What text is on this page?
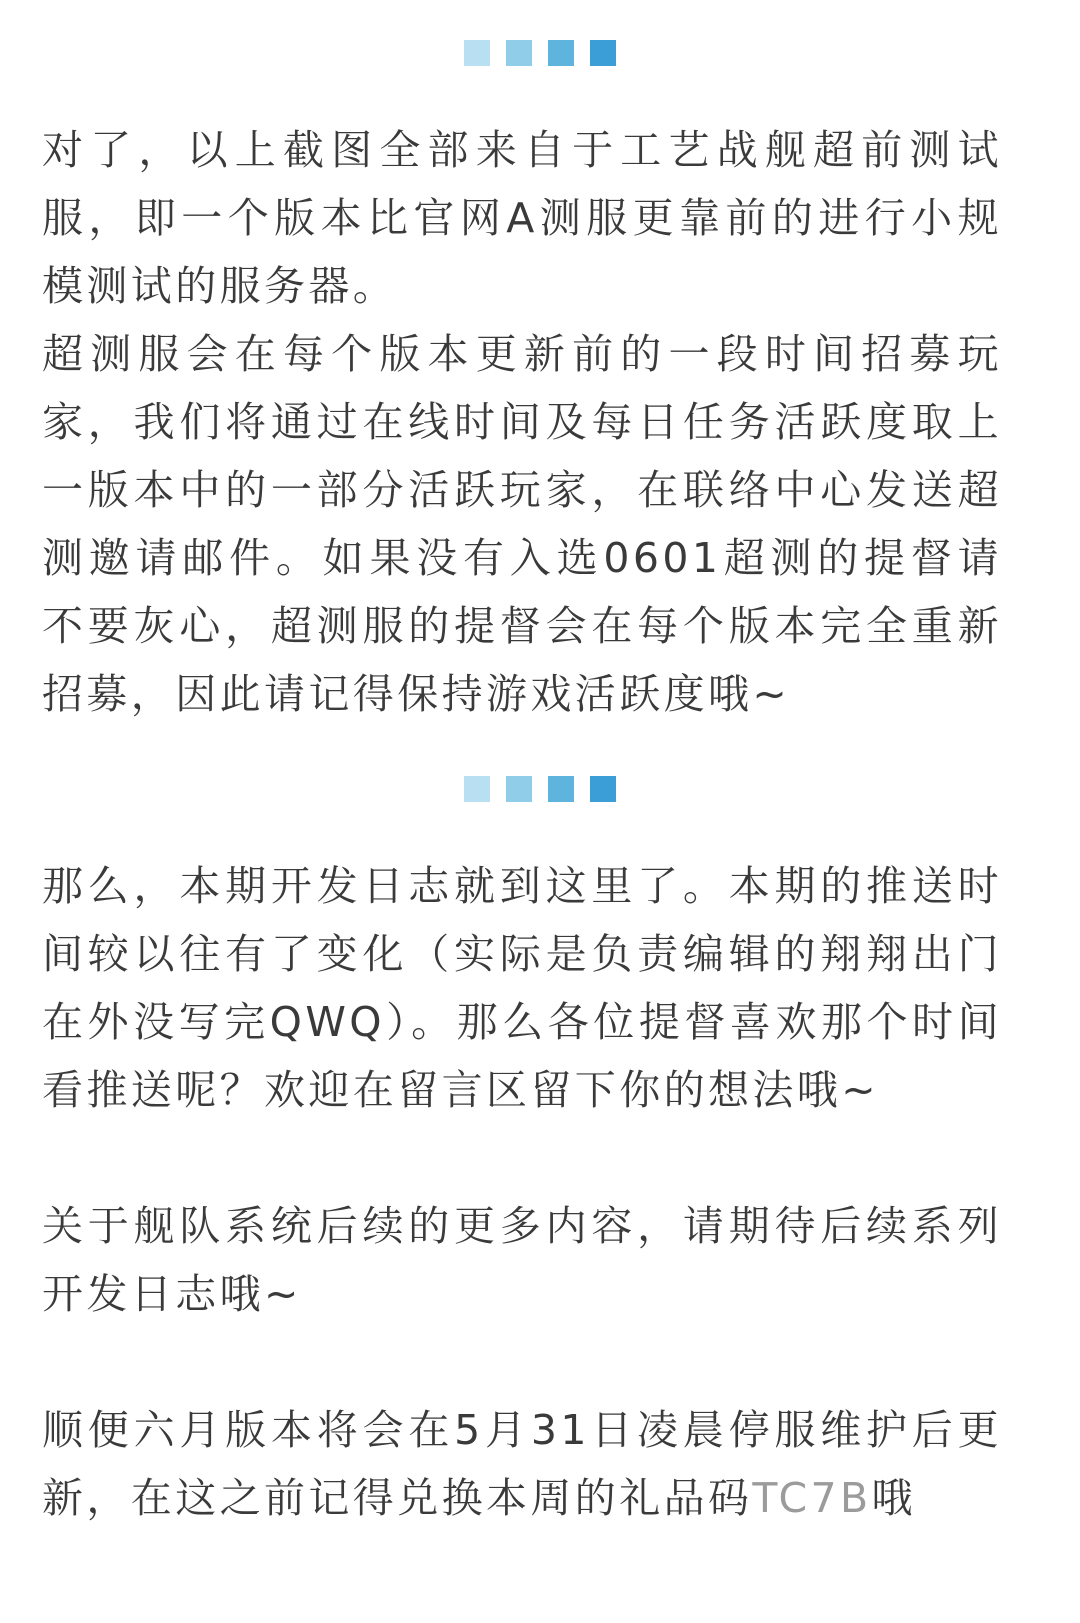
对了，以上截图全部来自于工艺战舰超前测试服，即一个版本比官网A测服更靠前的进行小规模测试的服务器。

超测服会在每个版本更新前的一段时间招募玩家，我们将通过在线时间及每日任务活跃度取上一版本中的一部分活跃玩家，在联络中心发送超测邀请邮件。如果没有入选0601超测的提督请不要灰心，超测服的提督会在每个版本完全重新招募，因此请记得保持游戏活跃度哦~

那么，本期开发日志就到这里了。本期的推送时间较以往有了变化（实际是负责编辑的翔翔出门在外没写完QWQ）。那么各位提督喜欢那个时间看推送呢？欢迎在留言区留下你的想法哦~

关于舰队系统后续的更多内容，请期待后续系列开发日志哦~

顺便六月版本将会在5月31日凌晨停服维护后更新，在这之前记得兑换本周的礼品码TC7B哦
